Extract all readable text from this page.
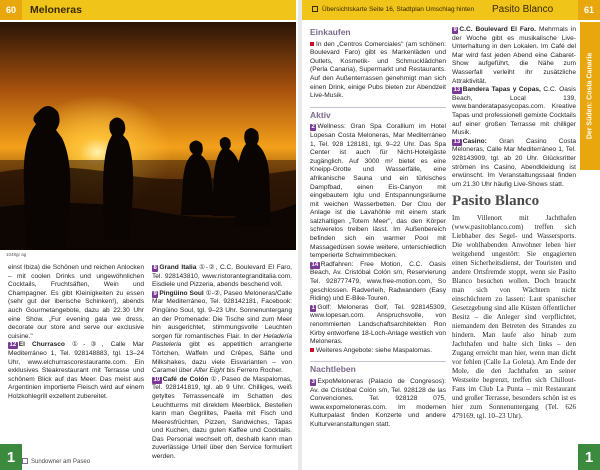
60	Meloneras
1049gr ag

einst Ibiza) die Schönen und reichen Anlocken – mit coolen Drinks und ungewöhnlichen Cocktails, Fruchtsäften, Wein und Champagner. Es gibt Kleinigkeiten zu essen (sehr gut der iberische Schinken!), abends auch Gourmetangebote, dazu ab 22.30 Uhr eine Show. „Fur evening gala we dress, decorate our store and serve our exclusive cuisine."

12 El Churrasco ①-③, Calle Mar Mediterráneo 1, Tel. 928148883, tgl. 13–24 Uhr, www.elchurrascorestaurante.com. Ein exklusives Steakrestaurant mit Terrasse und schönem Blick auf das Meer. Das meist aus Argentinien importierte Fleisch wird auf einem Holzkohlegrill exzellent zubereitet.

8 Grand Italia ①-②, C.C. Boulevard El Faro, Tel. 928143810, www.ristorantegranditalia.com. Eisdiele und Pizzeria, abends beschend voll.

9 Pingüino Soul ①-②, Paseo Meloneras/Calle Mar Mediterráneo, Tel. 928142181, Facebook: Pingüino Soul, tgl. 9–23 Uhr. Sonnenuntergang an der Promenade: Die Tische sind zum Meer hin ausgerichtet, stimmungsvolle Leuchten sorgen für romantisches Flair. In der Heladería Pasteleria gibt es appetitlich arrangierte Törtchen, Waffeln und Crêpes, Säfte und Milkshakes, dazu viele Eisvarianten – von Caramel über After Eight bis Ferrero Rocher.

10 Café de Colón ①, Paseo de Maspalomas, Tel. 928141819, tgl. ab 9 Uhr. Chilliges, weiß getyltes Terrassencafé im Schatten des Leuchtturms mit direktem Meerblick. Bestellen kann man Gegrilltes, Paella mit Fisch und Meeresfrüchten, Pizzen, Sandwiches, Tapas und Kuchen, dazu guten Kaffee und Cocktails. Das Personal wechselt oft, deshalb kann man zuverlässige Urteil über den Service formuliert werden.

Sundowner am Paseo
1
Übersichtskarte Seite 16, Stadtplan Umschlag hinten Pasito Blanco	61
Der Süden: Costa Canaria
Einkaufen

In den „Centros Comerciales" (am schönen: Boulevard Faro) gibt es Markenläden und Outlets, Kosmetik- und Schmucklädchen (Perla Canaria), Supermarkt und Restaurants. Auf den Außenterrassen genehmigt man sich einen Drink, einige Pubs bieten zur Abendzeit Live-Musik.

Aktiv

2 Wellness: Gran Spa Corallium im Hotel Lopesan Costa Meloneras, Mar Mediterráneo 1, Tel. 928 128181, tgl. 9–22 Uhr. Das Spa Center ist auch für Nicht-Hotelgäste zugänglich. Auf 3000 m² bietet es eine Kneipp-Grotte und Wasserfälle, eine afrikanische Sauna und ein türkisches Dampfbad, einen Eis-Canyon mit eingebautem Iglu und Entspannungsräume mit weichen Wasserbetten. Der Clou der Anlage ist die Lavahöhle mit einem stark salzhaltigen „Totem Meer", das den Körper schwerelos treiben lässt. Im Außenbereich befinden sich ein warmer Pool mit Massagedüsen sowie weitere, unterschiedlich temperierte Schwimmbecken.

14 Radfahren: Free Motion, C.C. Oasis Beach, Av. Cristóbal Colón s/n, Reservierung Tel. 928777479, www.free-motion.com, So geschlossen. Radverleih, Radwandern (Easy Riding) und E-Bike-Touren.

1 Golf: Meloneras Golf, Tel. 928145309, www.lopesan.com. Anspruchsvolle, von renommierten Landschaftsarchitekten Ron Kirby entworfene 18-Loch-Anlage westlich von Meloneras.

Weiteres Angebote: siehe Maspalomas.

Nachtleben

3 ExpoMeloneras (Palacio de Congresos): Av. de Cristóbal Colón s/n, Tel. 928128 de las Convenciones. Tel. 928128 075, www.expomeloneras.com. Im modernen Kulturpalast finden Konzerte und andere Kulturveranstaltungen statt.

9 C.C. Boulevard El Faro. Mehrmals in der Woche gibt es musikalische Live-Unterhaltung in den Lokalen. Im Café del Mar wird fast jeden Abend eine Cabaret-Show aufgeführt, die Nähe zum Wasserfall verleiht ihr zusätzliche Attraktivität.

13 Bandera Tapas y Copas, C.C. Oasis Beach, Local 139, www.banderatapasycopas.com. Kreative Tapas und professionell gemixte Cocktails auf einer großen Terrasse mit chilliger Musik.

13 Casino: Gran Casino Costa Meloneras, Calle Mar Mediterráneo 1, Tel. 928143909, tgl. ab 20 Uhr. Glücksritter strömen ins Casino, Abendkleidung ist erwünscht. Im Veranstaltungssaal finden um 21.30 Uhr häufig Live-Shows statt.

Pasito Blanco

Im Villenort mit Jachthafen (www.pasitoblanco.com) treffen sich Liebhaber des Segel- und Wassersports. Die wohlhabenden Anwohner leben hier weitgehend ungestört: Sie engagierten einen Sicherheitsdienst, der Touristen und andere Ortsfremde stoppt, wenn sie Pasito Blanco besuchen wollen. Doch braucht man sich von Wächtern nicht einschüchtern zu lassen: Laut spanischer Gesetzgebung sind alle Küsten öffentlicher Besitz – die Anleger sind verpflichtet, niemandem den Betreten des Strandes zu hindern. Man laufe also hinab zum Jachthafen und halte sich links – den Zugang erreicht man hier, wenn man dicht vor fehlen (Calle La Goleta). Am Ende der Mole, die den Jachthafen an seiner Westseite begrenzt, treffen sich Chillout-Fans im Club La Punta – mit Restaurant und großer Terrasse, besonders schön ist es hier zum Sonnenuntergang (Tel. 626 479169, tgl. 10–23 Uhr).

1
